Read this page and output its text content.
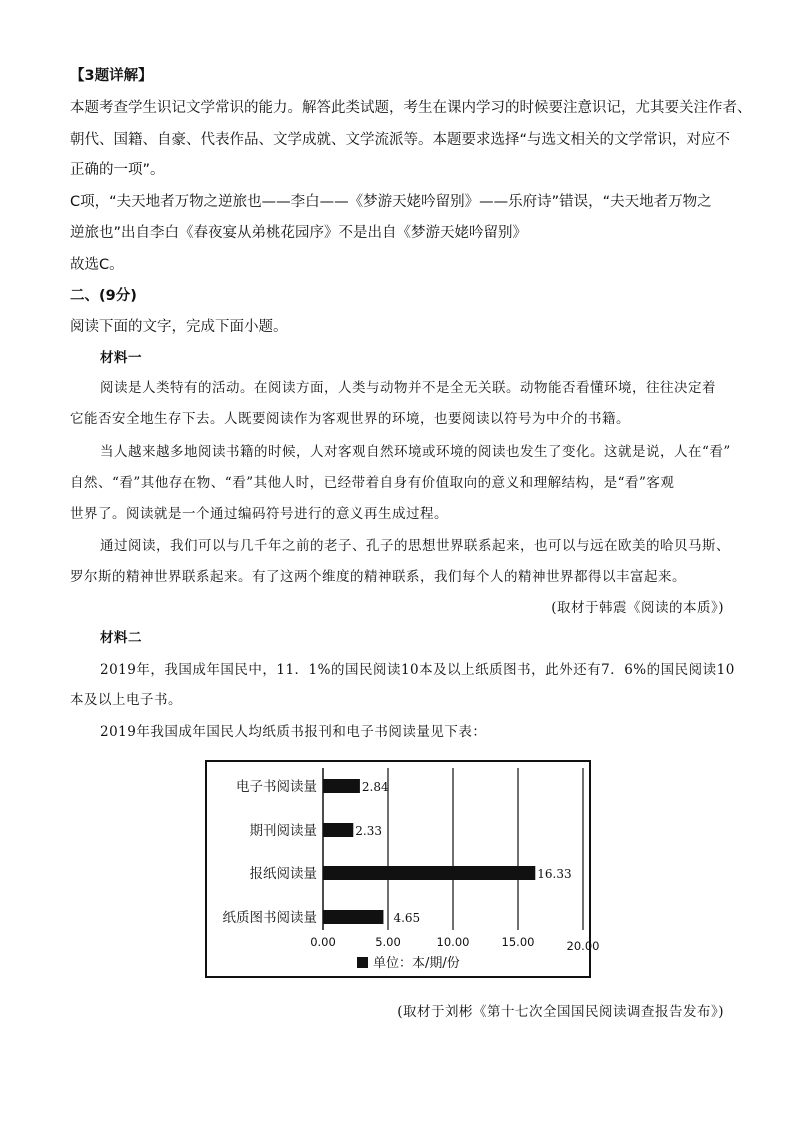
【3题详解】
本题考查学生识记文学常识的能力。解答此类试题，考生在课内学习的时候要注意识记，尤其要关注作者、
朝代、国籍、自豪、代表作品、文学成就、文学流派等。本题要求选择“与选文相关的文学常识，对应不
正确的一项”。
C项，“夫天地者万物之逆旅也——李白——《梦游天姥吟留别》——乐府诗”错误，“夫天地者万物之
逆旅也”出自李白《春夜宴从弟桃花园序》不是出自《梦游天姥吟留别》
故选C。
二、(9分)
阅读下面的文字，完成下面小题。
材料一
阅读是人类特有的活动。在阅读方面，人类与动物并不是全无关联。动物能否看懂环境，往往决定着
它能否安全地生存下去。人既要阅读作为客观世界的环境，也要阅读以符号为中介的书籍。
当人越来越多地阅读书籍的时候，人对客观自然环境或环境的阅读也发生了变化。这就是说，人在“看”
自然、“看”其他存在物、“看”其他人时，已经带着自身有价值取向的意义和理解结构，是“看”客观
世界了。阅读就是一个通过编码符号进行的意义再生成过程。
通过阅读，我们可以与几千年之前的老子、孔子的思想世界联系起来，也可以与远在欧美的哈贝马斯、
罗尔斯的精神世界联系起来。有了这两个维度的精神联系，我们每个人的精神世界都得以丰富起来。
(取材于韩震《阅读的本质》)
材料二
2019年，我国成年国民中，11．1%的国民阅读10本及以上纸质图书，此外还有7．6%的国民阅读10
本及以上电子书。
2019年我国成年国民人均纸质书报刊和电子书阅读量见下表：
0.00	5.00	10.00	15.00	20.00
电子书阅读量	2.84
期刊阅读量	2.33
报纸阅读量	16.33
纸质图书阅读量	4.65
单位：本/期/份
(取材于刘彬《第十七次全国国民阅读调查报告发布》)
